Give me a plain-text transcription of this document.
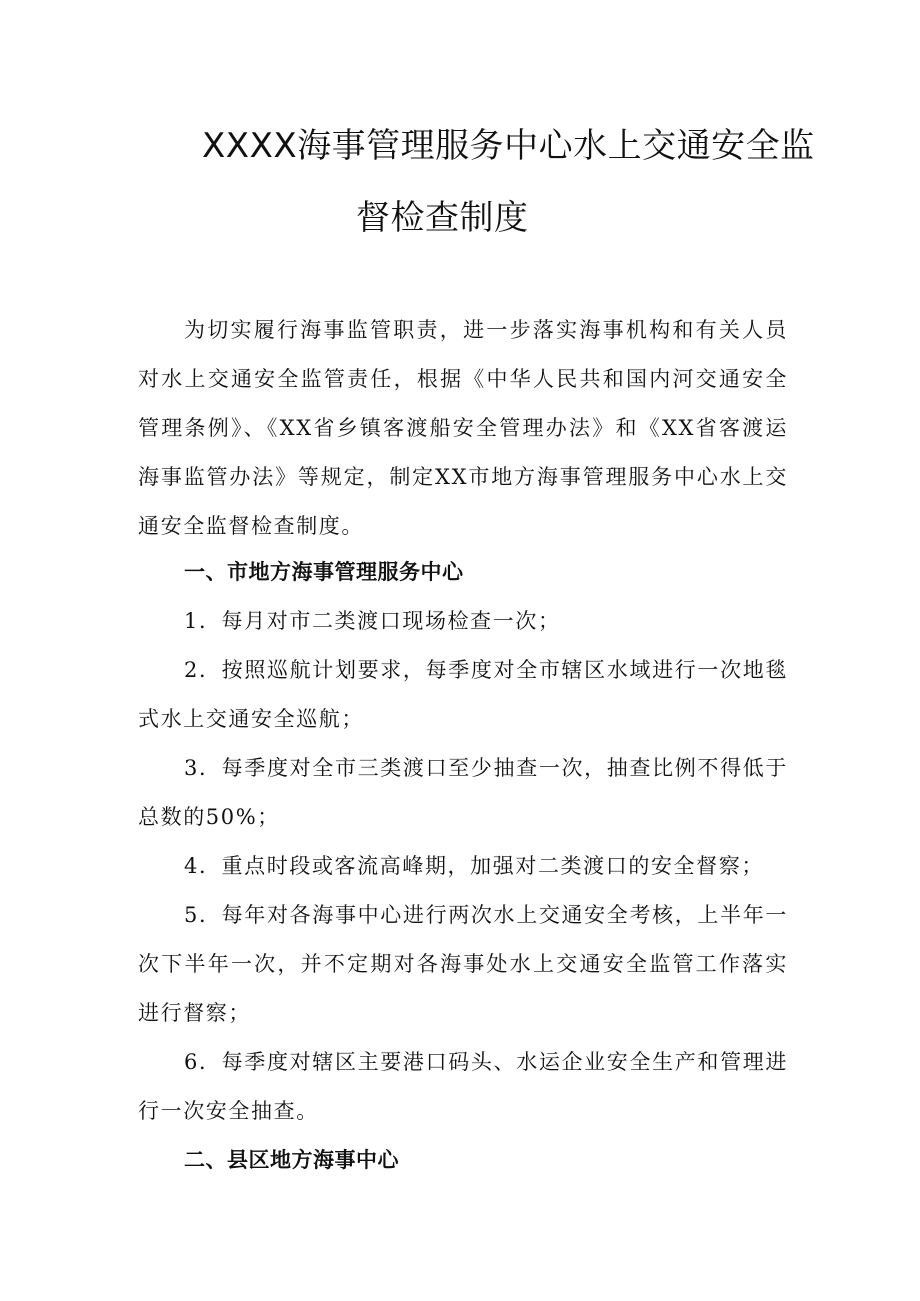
XXXX海事管理服务中心水上交通安全监
督检查制度

为切实履行海事监管职责，进一步落实海事机构和有关人员对水上交通安全监管责任，根据《中华人民共和国内河交通安全管理条例》、《XX省乡镇客渡船安全管理办法》和《XX省客渡运海事监管办法》等规定，制定XX市地方海事管理服务中心水上交通安全监督检查制度。

一、市地方海事管理服务中心

1．每月对市二类渡口现场检查一次；

2．按照巡航计划要求，每季度对全市辖区水域进行一次地毯式水上交通安全巡航；

3．每季度对全市三类渡口至少抽查一次，抽查比例不得低于总数的50%；

4．重点时段或客流高峰期，加强对二类渡口的安全督察；

5．每年对各海事中心进行两次水上交通安全考核，上半年一次下半年一次，并不定期对各海事处水上交通安全监管工作落实进行督察；

6．每季度对辖区主要港口码头、水运企业安全生产和管理进行一次安全抽查。

二、县区地方海事中心
